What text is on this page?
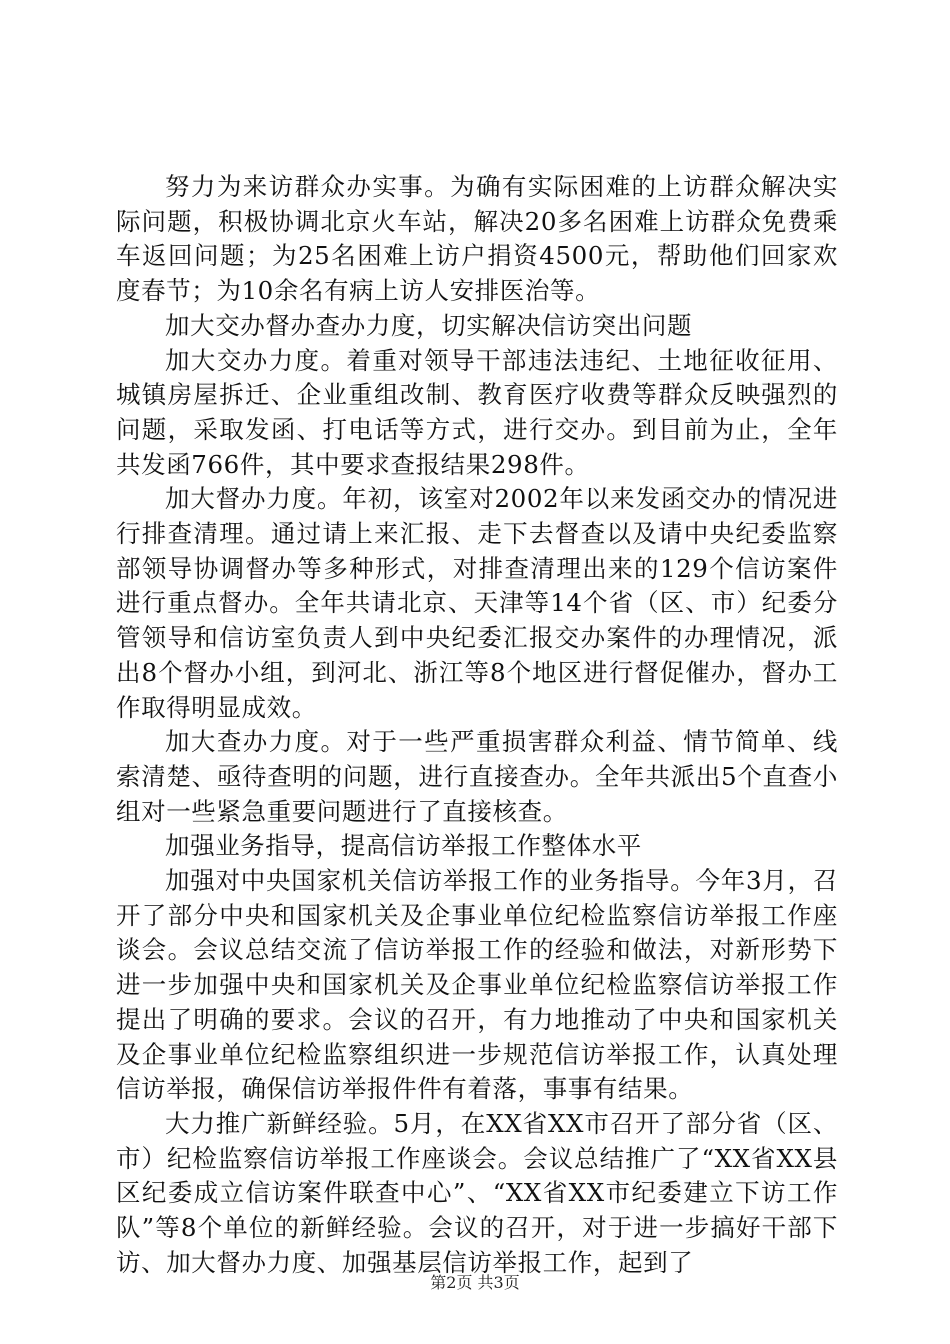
努力为来访群众办实事。为确有实际困难的上访群众解决实际问题，积极协调北京火车站，解决20多名困难上访群众免费乘车返回问题；为25名困难上访户捐资4500元，帮助他们回家欢度春节；为10余名有病上访人安排医治等。

加大交办督办查办力度，切实解决信访突出问题

加大交办力度。着重对领导干部违法违纪、土地征收征用、城镇房屋拆迁、企业重组改制、教育医疗收费等群众反映强烈的问题，采取发函、打电话等方式，进行交办。到目前为止，全年共发函766件，其中要求查报结果298件。

加大督办力度。年初，该室对2002年以来发函交办的情况进行排查清理。通过请上来汇报、走下去督查以及请中央纪委监察部领导协调督办等多种形式，对排查清理出来的129个信访案件进行重点督办。全年共请北京、天津等14个省（区、市）纪委分管领导和信访室负责人到中央纪委汇报交办案件的办理情况，派出8个督办小组，到河北、浙江等8个地区进行督促催办，督办工作取得明显成效。

加大查办力度。对于一些严重损害群众利益、情节简单、线索清楚、亟待查明的问题，进行直接查办。全年共派出5个直查小组对一些紧急重要问题进行了直接核查。

加强业务指导，提高信访举报工作整体水平

加强对中央国家机关信访举报工作的业务指导。今年3月，召开了部分中央和国家机关及企事业单位纪检监察信访举报工作座谈会。会议总结交流了信访举报工作的经验和做法，对新形势下进一步加强中央和国家机关及企事业单位纪检监察信访举报工作提出了明确的要求。会议的召开，有力地推动了中央和国家机关及企事业单位纪检监察组织进一步规范信访举报工作，认真处理信访举报，确保信访举报件件有着落，事事有结果。

大力推广新鲜经验。5月，在XX省XX市召开了部分省（区、市）纪检监察信访举报工作座谈会。会议总结推广了“XX省XX县区纪委成立信访案件联查中心”、“XX省XX市纪委建立下访工作队”等8个单位的新鲜经验。会议的召开，对于进一步搞好干部下访、加大督办力度、加强基层信访举报工作，起到了

第2页 共3页
